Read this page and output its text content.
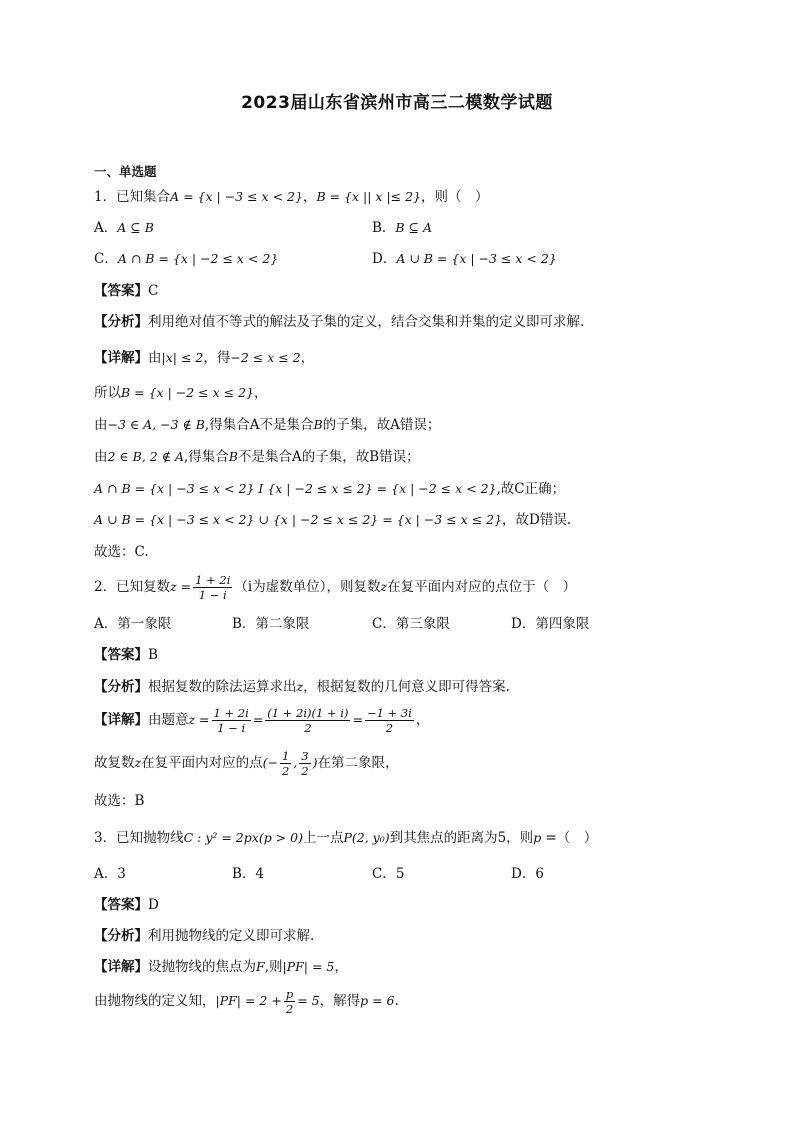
2023届山东省滨州市高三二模数学试题
一、单选题
1．已知集合A = {x | −3 ≤ x < 2}，B = {x || x |≤ 2}，则（　）
A．A ⊆ B	B．B ⊆ A
C．A ∩ B = {x | −2 ≤ x < 2}	D．A ∪ B = {x | −3 ≤ x < 2}
【答案】C
【分析】利用绝对值不等式的解法及子集的定义，结合交集和并集的定义即可求解.
【详解】由|x| ≤ 2，得−2 ≤ x ≤ 2，
所以B = {x | −2 ≤ x ≤ 2}，
由−3 ∈ A, −3 ∉ B,得集合A不是集合B的子集，故A错误；
由2 ∈ B, 2 ∉ A,得集合B不是集合A的子集，故B错误；
A ∩ B = {x | −3 ≤ x < 2} I {x | −2 ≤ x ≤ 2} = {x | −2 ≤ x < 2},故C正确；
A ∪ B = {x | −3 ≤ x < 2} ∪ {x | −2 ≤ x ≤ 2} = {x | −3 ≤ x ≤ 2}，故D错误.
故选：C.
2．已知复数$z = \frac{1 + 2i}{1 - i} (i$为虚数单位），则复数z在复平面内对应的点位于（　）
A．第一象限	B．第二象限	C．第三象限	D．第四象限
【答案】B
【分析】根据复数的除法运算求出z，根据复数的几何意义即可得答案.
【详解】由题意$z = \frac{1 + 2i}{1 - i} = \frac{(1 + 2i)(1 + i)}{2} = \frac{-1 + 3i}{2}$ ，
故复数z在复平面内对应的点(− $\frac{1}{2}$ , $\frac{3}{2}$ )在第二象限，
故选：B
3．已知抛物线C : y² = 2px(p > 0)上一点P(2, y₀)到其焦点的距离为5，则p =（　）
A．3	B．4	C．5	D．6
【答案】D
【分析】利用抛物线的定义即可求解.
【详解】设抛物线的焦点为F,则|PF| = 5，
由抛物线的定义知，$|PF| = 2 + \frac{p}{2} = 5$，解得p = 6.
